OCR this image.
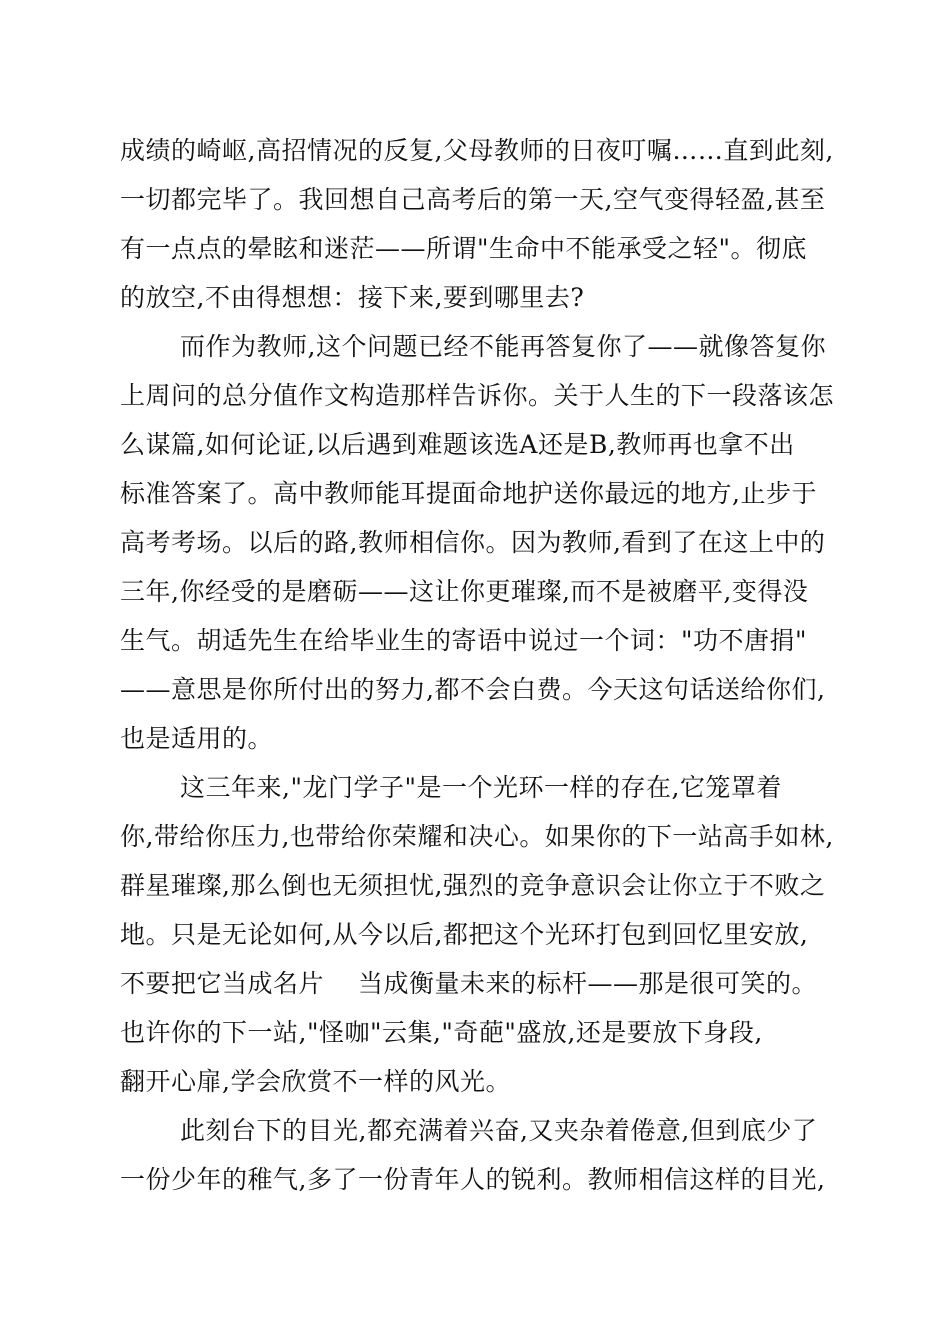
成绩的崎岖,高招情况的反复,父母教师的日夜叮嘱……直到此刻,
一切都完毕了。我回想自己高考后的第一天,空气变得轻盈,甚至
有一点点的晕眩和迷茫——所谓"生命中不能承受之轻"。彻底
的放空,不由得想想：接下来,要到哪里去?
而作为教师,这个问题已经不能再答复你了——就像答复你
上周问的总分值作文构造那样告诉你。关于人生的下一段落该怎
么谋篇,如何论证,以后遇到难题该选A还是B,教师再也拿不出
标准答案了。高中教师能耳提面命地护送你最远的地方,止步于
高考考场。以后的路,教师相信你。因为教师,看到了在这上中的
三年,你经受的是磨砺——这让你更璀璨,而不是被磨平,变得没
生气。胡适先生在给毕业生的寄语中说过一个词："功不唐捐"
——意思是你所付出的努力,都不会白费。今天这句话送给你们,
也是适用的。
这三年来,"龙门学子"是一个光环一样的存在,它笼罩着
你,带给你压力,也带给你荣耀和决心。如果你的下一站高手如林,
群星璀璨,那么倒也无须担忧,强烈的竞争意识会让你立于不败之
地。只是无论如何,从今以后,都把这个光环打包到回忆里安放,
不要把它当成名片　 当成衡量未来的标杆——那是很可笑的。
也许你的下一站,"怪咖"云集,"奇葩"盛放,还是要放下身段,
翻开心扉,学会欣赏不一样的风光。
此刻台下的目光,都充满着兴奋,又夹杂着倦意,但到底少了
一份少年的稚气,多了一份青年人的锐利。教师相信这样的目光,
